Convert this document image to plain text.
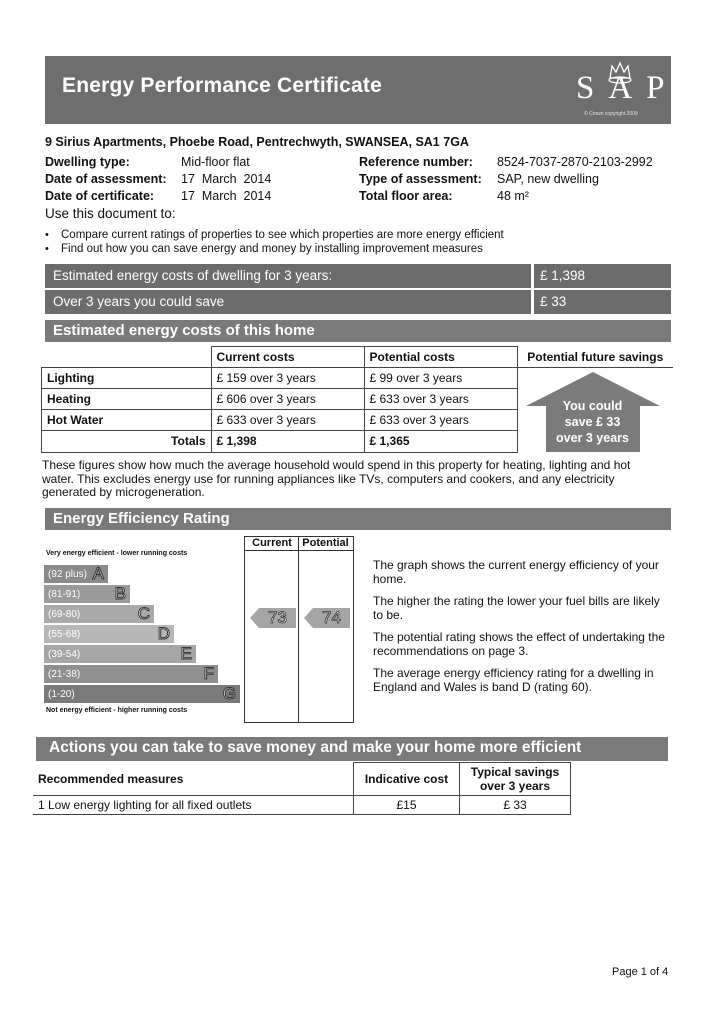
Energy Performance Certificate	SAP
© Crown copyright 2009
9 Sirius Apartments, Phoebe Road, Pentrechwyth, SWANSEA, SA1 7GA
Dwelling type:	Mid-floor flat
Date of assessment:	17  March  2014
Date of certificate:	17  March  2014
Reference number:	8524-7037-2870-2103-2992
Type of assessment:	SAP, new dwelling
Total floor area:	48 m²
Use this document to:
• Compare current ratings of properties to see which properties are more energy efficient
• Find out how you can save energy and money by installing improvement measures
Estimated energy costs of dwelling for 3 years:	£ 1,398
Over 3 years you could save	£ 33
Estimated energy costs of this home
	Current costs	Potential costs	Potential future savings
Lighting	£ 159 over 3 years	£ 99 over 3 years	You could
save £ 33
over 3 years

Heating	£ 606 over 3 years	£ 633 over 3 years	
Hot Water	£ 633 over 3 years	£ 633 over 3 years	
Totals	£ 1,398	£ 1,365	
These figures show how much the average household would spend in this property for heating, lighting and hot water. This excludes energy use for running appliances like TVs, computers and cookers, and any electricity generated by microgeneration.
Energy Efficiency Rating
Current Potential
Very energy efficient - lower running costs
Not energy efficient - higher running costs
(92 plus) A
(81-91) B
(69-80)	C
(55-68)	D
(39-54)	E
(21-38)	F
(1-20)	G
73	74
The graph shows the current energy efficiency of your home.
The higher the rating the lower your fuel bills are likely to be.
The potential rating shows the effect of undertaking the recommendations on page 3.
The average energy efficiency rating for a dwelling in England and Wales is band D (rating 60).
Actions you can take to save money and make your home more efficient
Recommended measures	Indicative cost	Typical savings over 3 years
1 Low energy lighting for all fixed outlets	£15	£ 33
Page 1 of 4
